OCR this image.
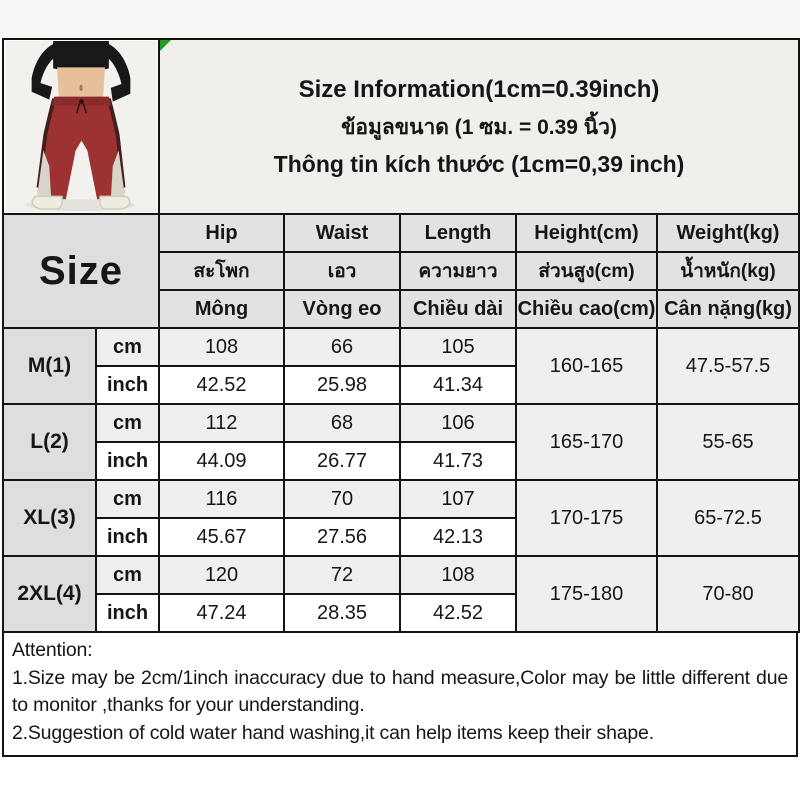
Size Information(1cm=0.39inch)
ข้อมูลขนาด (1 ซม. = 0.39 นิ้ว)
Thông tin kích thước (1cm=0,39 inch)				

Size		Hip	Waist	Length	Height(cm)	Weight(kg)
		สะโพก	เอว	ความยาว	ส่วนสูง(cm)	น้ำหนัก(kg)
		Mông	Vòng eo	Chiều dài	Chiều cao(cm)	Cân nặng(kg)
M(1)	cm	108	66	105	160-165	47.5-57.5
	inch	42.52	25.98	41.34		
L(2)	cm	112	68	106	165-170	55-65
	inch	44.09	26.77	41.73		
XL(3)	cm	116	70	107	170-175	65-72.5
	inch	45.67	27.56	42.13		
2XL(4)	cm	120	72	108	175-180	70-80
	inch	47.24	28.35	42.52		
Attention:
1.Size may be 2cm/1inch inaccuracy due to hand measure,Color may be little different due to monitor ,thanks for your understanding.
2.Suggestion of cold water hand washing,it can help items keep their shape.
